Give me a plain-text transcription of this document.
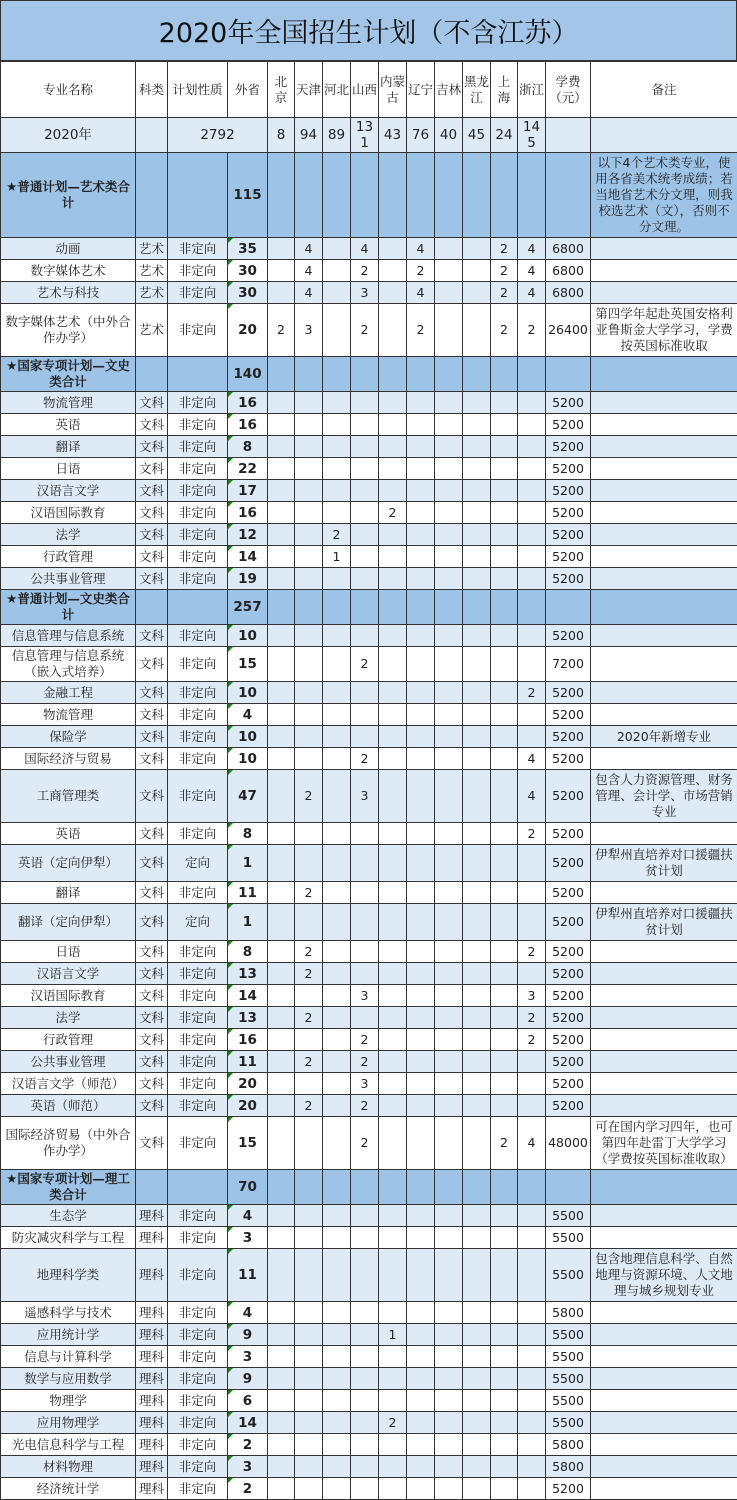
2020年全国招生计划（不含江苏）
专业名称	科类	计划性质	外省	北京	天津	河北	山西	内蒙古	辽宁	吉林	黑龙江	上海	浙江	学费（元）	备注
2020年		2792		8	94	89	131	43	76	40	45	24	145		
★普通计划—艺术类合计			115												以下4个艺术类专业，使用各省美术统考成绩；若当地省艺术分文理，则我校选艺术（文），否则不分文理。
动画	艺术	非定向	35		4		4		4			2	4	6800	
数字媒体艺术	艺术	非定向	30		4		2		2			2	4	6800	
艺术与科技	艺术	非定向	30		4		3		4			2	4	6800	
数字媒体艺术（中外合作办学）	艺术	非定向	20	2	3		2		2			2	2	26400	第四学年起赴英国安格利亚鲁斯金大学学习，学费按英国标准收取
★国家专项计划—文史类合计			140												
物流管理	文科	非定向	16											5200	
英语	文科	非定向	16											5200	
翻译	文科	非定向	8											5200	
日语	文科	非定向	22											5200	
汉语言文学	文科	非定向	17											5200	
汉语国际教育	文科	非定向	16					2						5200	
法学	文科	非定向	12			2								5200	
行政管理	文科	非定向	14			1								5200	
公共事业管理	文科	非定向	19											5200	
★普通计划—文史类合计			257												
信息管理与信息系统	文科	非定向	10											5200	
信息管理与信息系统（嵌入式培养）	文科	非定向	15				2							7200	
金融工程	文科	非定向	10										2	5200	
物流管理	文科	非定向	4											5200	
保险学	文科	非定向	10											5200	2020年新增专业
国际经济与贸易	文科	非定向	10				2						4	5200	
工商管理类	文科	非定向	47		2		3						4	5200	包含人力资源管理、财务管理、会计学、市场营销专业
英语	文科	非定向	8										2	5200	
英语（定向伊犁）	文科	定向	1											5200	伊犁州直培养对口援疆扶贫计划
翻译	文科	非定向	11		2									5200	
翻译（定向伊犁）	文科	定向	1											5200	伊犁州直培养对口援疆扶贫计划
日语	文科	非定向	8		2								2	5200	
汉语言文学	文科	非定向	13		2									5200	
汉语国际教育	文科	非定向	14				3						3	5200	
法学	文科	非定向	13		2								2	5200	
行政管理	文科	非定向	16				2						2	5200	
公共事业管理	文科	非定向	11		2		2							5200	
汉语言文学（师范）	文科	非定向	20				3							5200	
英语（师范）	文科	非定向	20		2		2							5200	
国际经济贸易（中外合作办学）	文科	非定向	15				2					2	4	48000	可在国内学习四年，也可第四年赴雷丁大学学习（学费按英国标准收取）
★国家专项计划—理工类合计			70												
生态学	理科	非定向	4											5500	
防灾减灾科学与工程	理科	非定向	3											5500	
地理科学类	理科	非定向	11											5500	包含地理信息科学、自然地理与资源环境、人文地理与城乡规划专业
遥感科学与技术	理科	非定向	4											5800	
应用统计学	理科	非定向	9					1						5500	
信息与计算科学	理科	非定向	3											5500	
数学与应用数学	理科	非定向	9											5500	
物理学	理科	非定向	6											5500	
应用物理学	理科	非定向	14					2						5500	
光电信息科学与工程	理科	非定向	2											5800	
材料物理	理科	非定向	3											5800	
经济统计学	理科	非定向	2											5200	
